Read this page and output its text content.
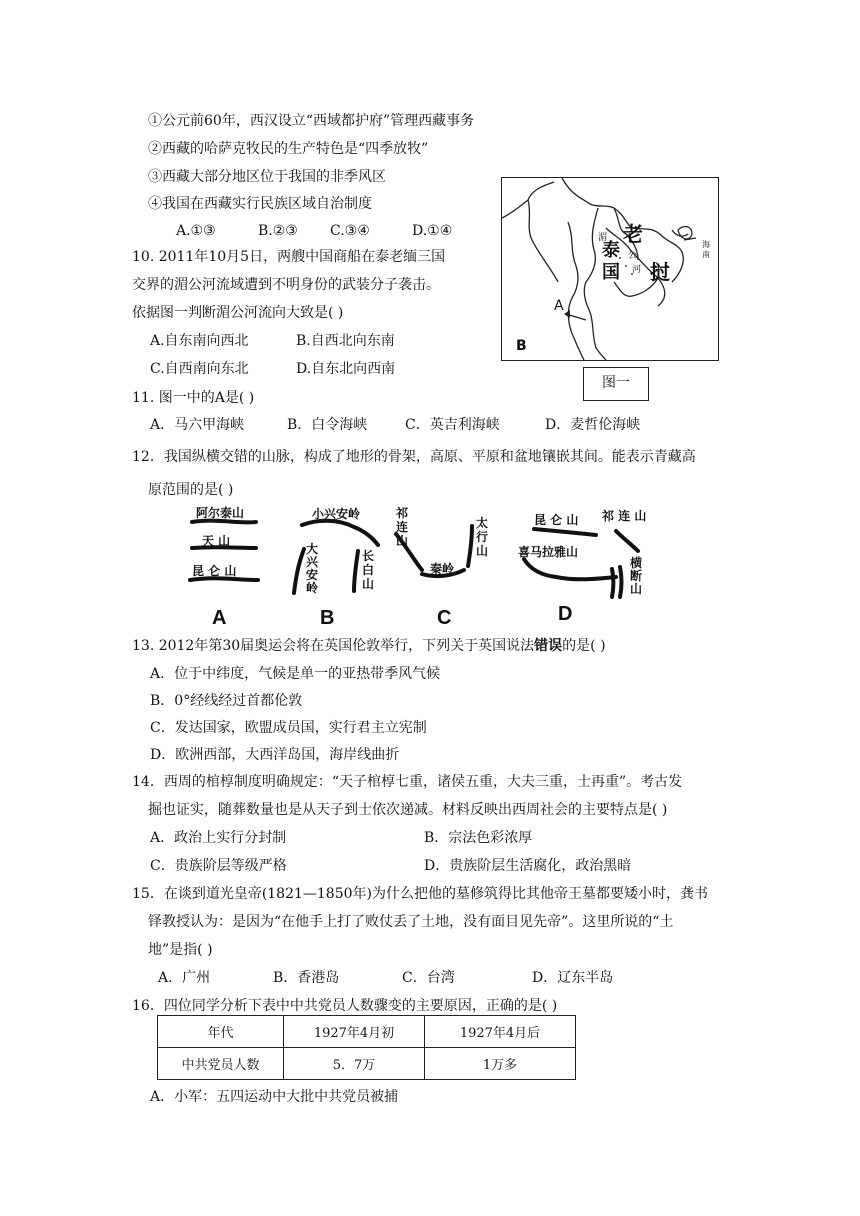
①公元前60年，西汉设立“西域都护府”管理西藏事务
②西藏的哈萨克牧民的生产特色是“四季放牧”
③西藏大部分地区位于我国的非季风区
④我国在西藏实行民族区域自治制度
A.①③	B.②③ C.③④	D.①④
10. 2011年10月5日，两艘中国商船在泰老缅三国
交界的湄公河流域遭到不明身份的武装分子袭击。
依据图一判断湄公河流向大致是( )
A.自东南向西北	B.自西北向东南
C.自西南向东北	D.自东北向西南
老
挝
泰
国
湄
公
河
海南
A
B
图一
11. 图一中的A是( )
A．马六甲海峡	B．白令海峡	C．英吉利海峡	D．麦哲伦海峡
12．我国纵横交错的山脉，构成了地形的骨架，高原、平原和盆地镶嵌其间。能表示青藏高
原范围的是( )
阿尔泰山
天 山
昆 仑 山
A
小兴安岭
大兴安岭
长白山
B
祁连山
秦岭
太行山
C
昆 仑 山 祁 连 山
喜马拉雅山
横断山
D
13. 2012年第30届奥运会将在英国伦敦举行，下列关于英国说法错误的是( )
A．位于中纬度，气候是单一的亚热带季风气候
B．0°经线经过首都伦敦
C．发达国家，欧盟成员国，实行君主立宪制
D．欧洲西部，大西洋岛国，海岸线曲折
14．西周的棺椁制度明确规定：“天子棺椁七重，诸侯五重，大夫三重，士再重”。考古发
掘也证实，随葬数量也是从天子到士依次递减。材料反映出西周社会的主要特点是( )
A．政治上实行分封制	B．宗法色彩浓厚
C．贵族阶层等级严格	D．贵族阶层生活腐化，政治黑暗
15．在谈到道光皇帝(1821—1850年)为什么把他的墓修筑得比其他帝王墓都要矮小时，龚书
铎教授认为：是因为“在他手上打了败仗丢了土地，没有面目见先帝”。这里所说的“土
地”是指( )
A．广州	B．香港岛	C．台湾	D．辽东半岛
16．四位同学分析下表中中共党员人数骤变的主要原因，正确的是( )
年代	1927年4月初	1927年4月后
中共党员人数	5．7万	1万多
A．小军：五四运动中大批中共党员被捕
